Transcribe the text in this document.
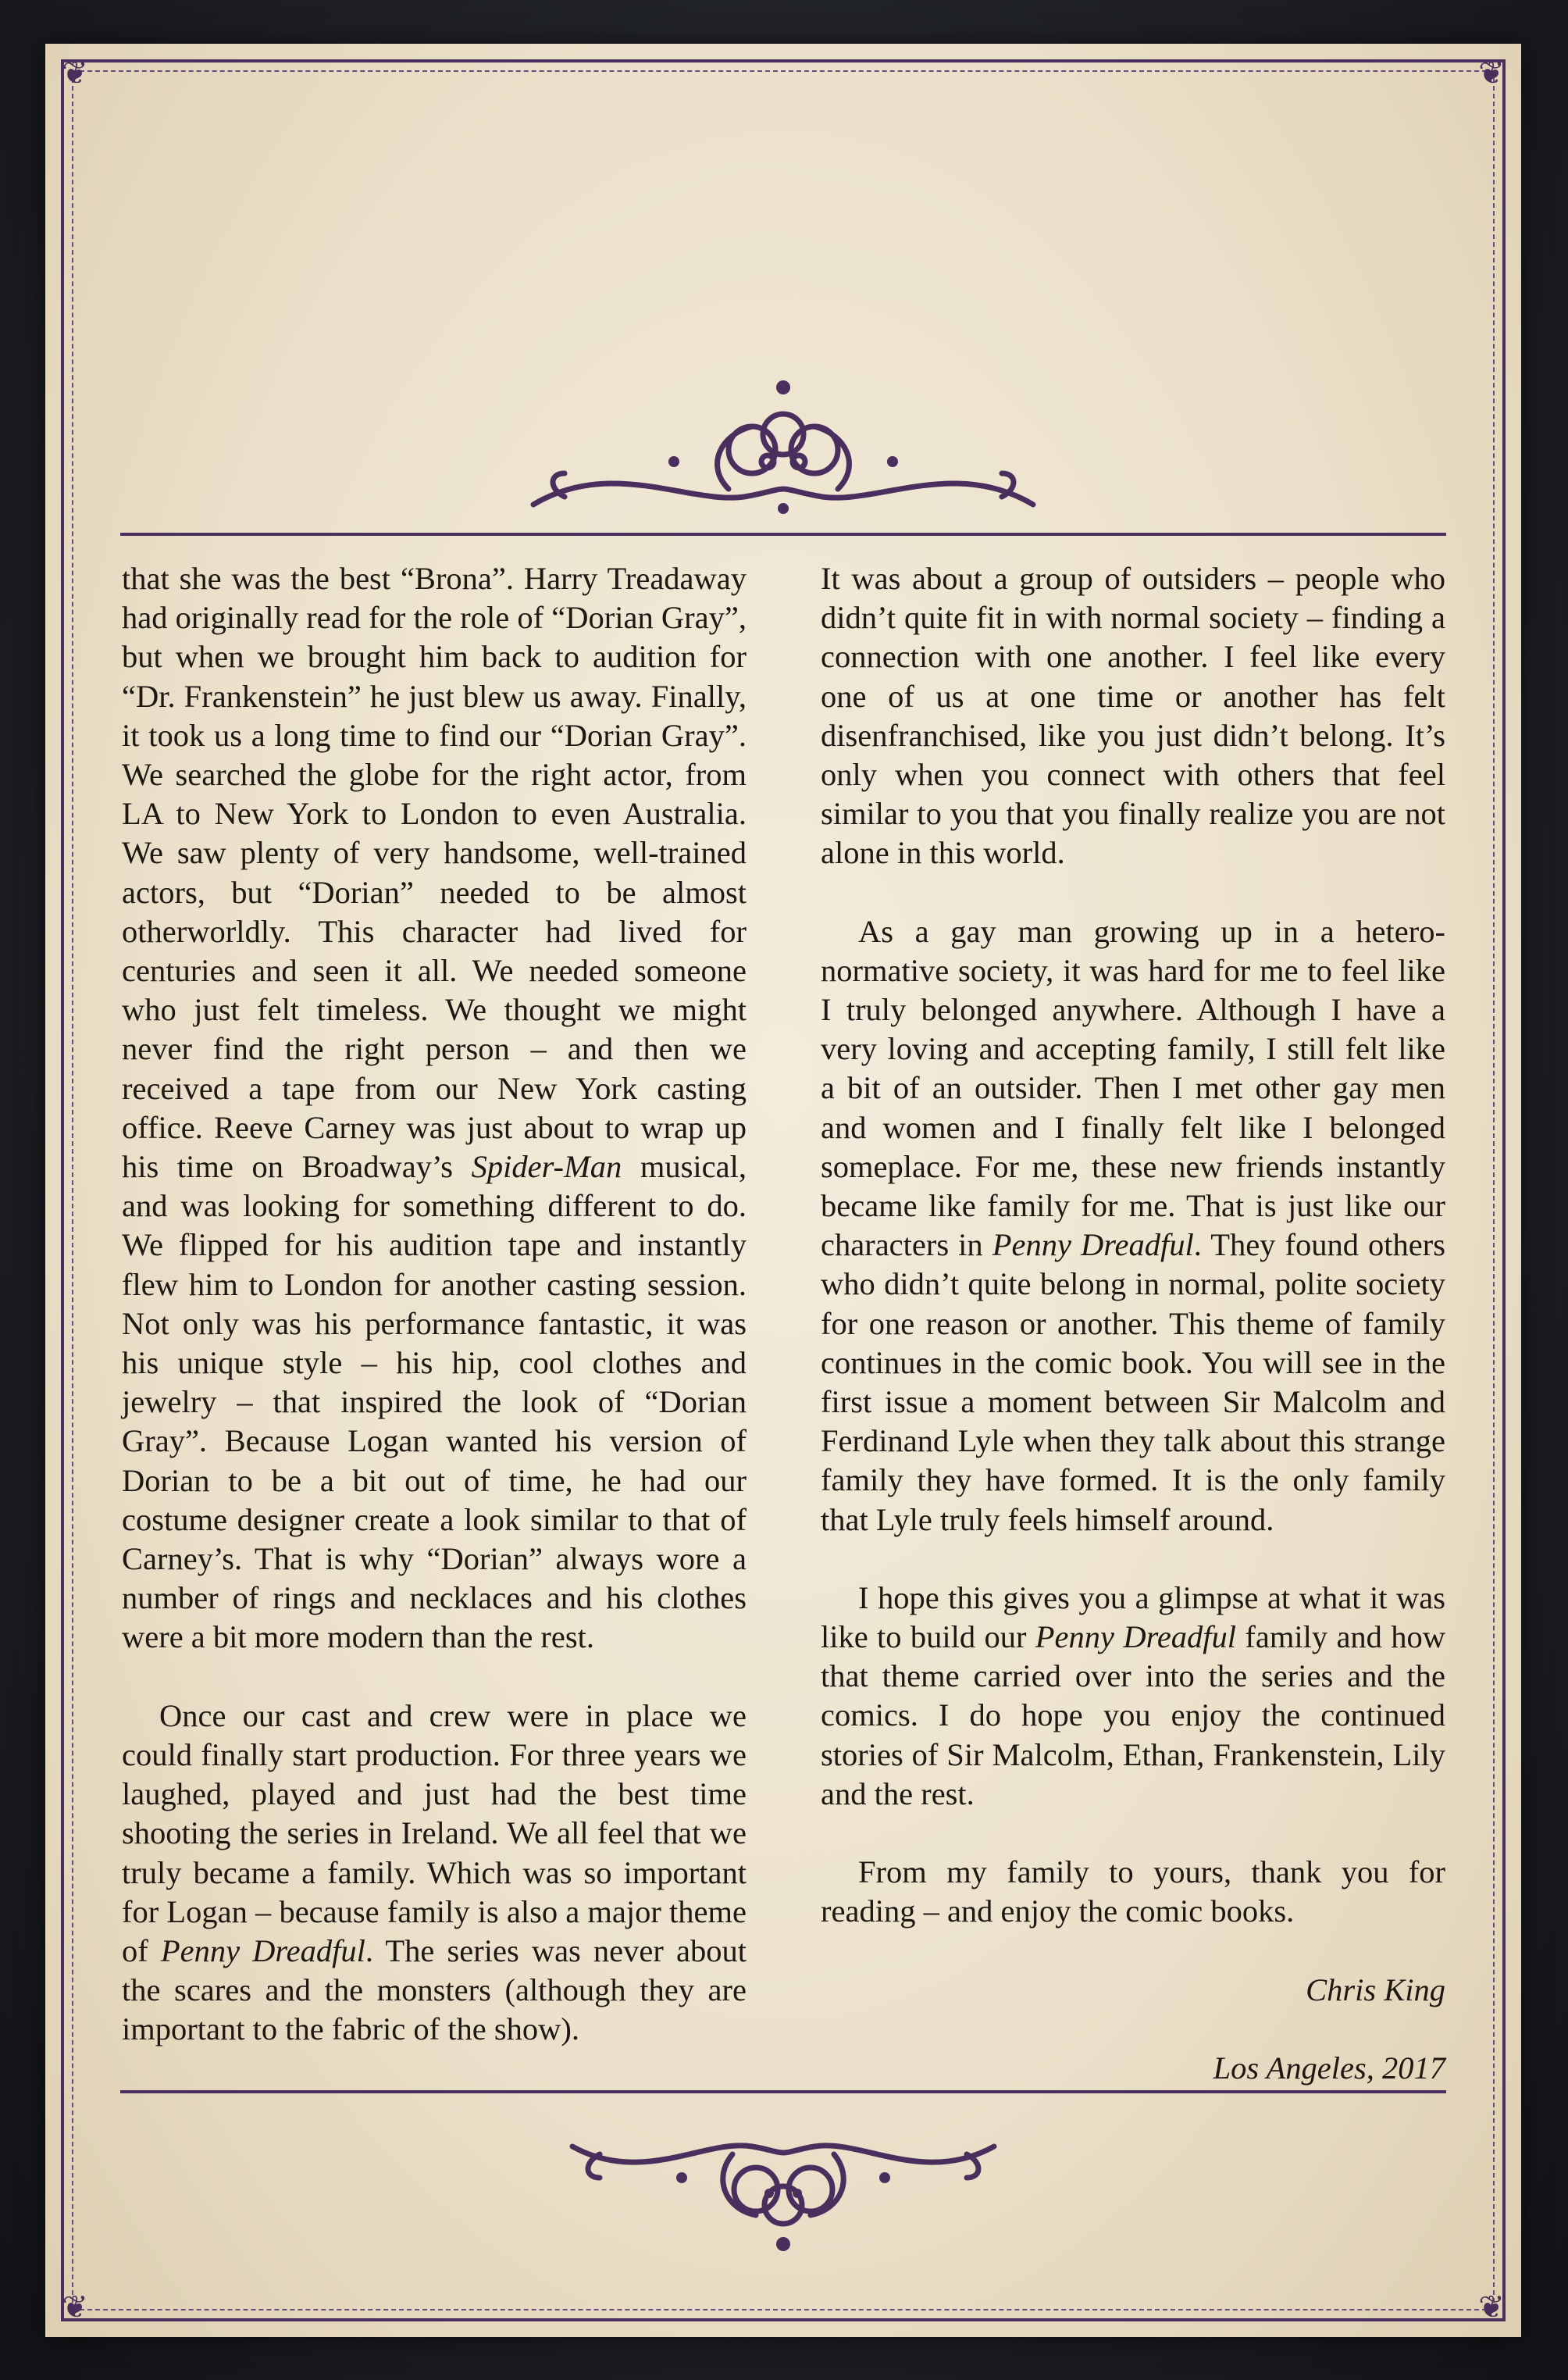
❦	❦
❦	❦

that she was the best “Brona”. Harry Treadaway had originally read for the role of “Dorian Gray”, but when we brought him back to audition for “Dr. Frankenstein” he just blew us away. Finally, it took us a long time to find our “Dorian Gray”. We searched the globe for the right actor, from LA to New York to London to even Australia. We saw plenty of very handsome, well-trained actors, but “Dorian” needed to be almost otherworldly. This character had lived for centuries and seen it all. We needed someone who just felt timeless. We thought we might never find the right person – and then we received a tape from our New York casting office. Reeve Carney was just about to wrap up his time on Broadway’s Spider-Man musical, and was looking for something different to do. We flipped for his audition tape and instantly flew him to London for another casting session. Not only was his performance fantastic, it was his unique style – his hip, cool clothes and jewelry – that inspired the look of “Dorian Gray”. Because Logan wanted his version of Dorian to be a bit out of time, he had our costume designer create a look similar to that of Carney’s. That is why “Dorian” always wore a number of rings and necklaces and his clothes were a bit more modern than the rest.

Once our cast and crew were in place we could finally start production. For three years we laughed, played and just had the best time shooting the series in Ireland. We all feel that we truly became a family. Which was so important for Logan – because family is also a major theme of Penny Dreadful. The series was never about the scares and the monsters (although they are important to the fabric of the show).

It was about a group of outsiders – people who didn’t quite fit in with normal society – finding a connection with one another. I feel like every one of us at one time or another has felt disenfranchised, like you just didn’t belong. It’s only when you connect with others that feel similar to you that you finally realize you are not alone in this world.

As a gay man growing up in a hetero-normative society, it was hard for me to feel like I truly belonged anywhere. Although I have a very loving and accepting family, I still felt like a bit of an outsider. Then I met other gay men and women and I finally felt like I belonged someplace. For me, these new friends instantly became like family for me. That is just like our characters in Penny Dreadful. They found others who didn’t quite belong in normal, polite society for one reason or another. This theme of family continues in the comic book. You will see in the first issue a moment between Sir Malcolm and Ferdinand Lyle when they talk about this strange family they have formed. It is the only family that Lyle truly feels himself around.

I hope this gives you a glimpse at what it was like to build our Penny Dreadful family and how that theme carried over into the series and the comics. I do hope you enjoy the continued stories of Sir Malcolm, Ethan, Frankenstein, Lily and the rest.

From my family to yours, thank you for reading – and enjoy the comic books.

Chris King

Los Angeles, 2017
